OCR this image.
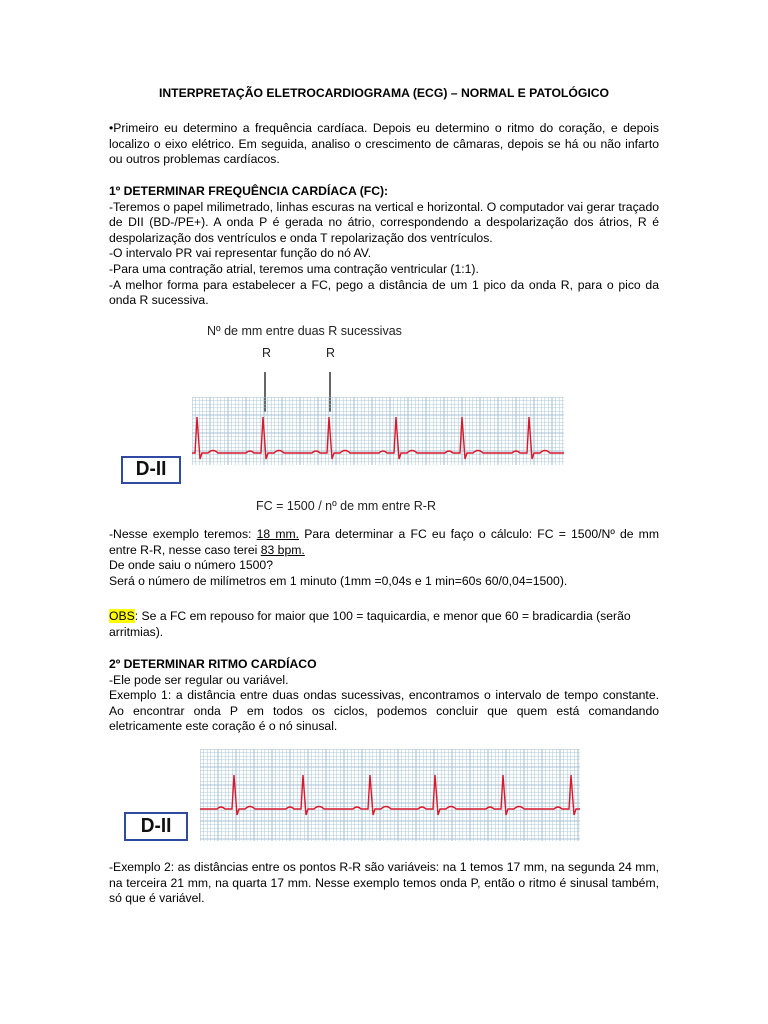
INTERPRETAÇÃO ELETROCARDIOGRAMA (ECG) – NORMAL E PATOLÓGICO
•Primeiro eu determino a frequência cardíaca. Depois eu determino o ritmo do coração, e depois localizo o eixo elétrico. Em seguida, analiso o crescimento de câmaras, depois se há ou não infarto ou outros problemas cardíacos.

1º DETERMINAR FREQUÊNCIA CARDÍACA (FC):

-Teremos o papel milimetrado, linhas escuras na vertical e horizontal. O computador vai gerar traçado de DII (BD-/PE+). A onda P é gerada no átrio, correspondendo a despolarização dos átrios, R é despolarização dos ventrículos e onda T repolarização dos ventrículos.

-O intervalo PR vai representar função do nó AV.

-Para uma contração atrial, teremos uma contração ventricular (1:1).

-A melhor forma para estabelecer a FC, pego a distância de um 1 pico da onda R, para o pico da onda R sucessiva.

Nº de mm entre duas R sucessivas
R	R
D-II
FC = 1500 / nº de mm entre R-R

-Nesse exemplo teremos: 18 mm. Para determinar a FC eu faço o cálculo: FC = 1500/Nº de mm entre R-R, nesse caso terei 83 bpm.

De onde saiu o número 1500?

Será o número de milímetros em 1 minuto (1mm =0,04s e 1 min=60s 60/0,04=1500).

OBS: Se a FC em repouso for maior que 100 = taquicardia, e menor que 60 = bradicardia (serão arritmias).

2º DETERMINAR RITMO CARDÍACO

-Ele pode ser regular ou variável.

Exemplo 1: a distância entre duas ondas sucessivas, encontramos o intervalo de tempo constante. Ao encontrar onda P em todos os ciclos, podemos concluir que quem está comandando eletricamente este coração é o nó sinusal.

D-II
-Exemplo 2: as distâncias entre os pontos R-R são variáveis: na 1 temos 17 mm, na segunda 24 mm, na terceira 21 mm, na quarta 17 mm. Nesse exemplo temos onda P, então o ritmo é sinusal também, só que é variável.
